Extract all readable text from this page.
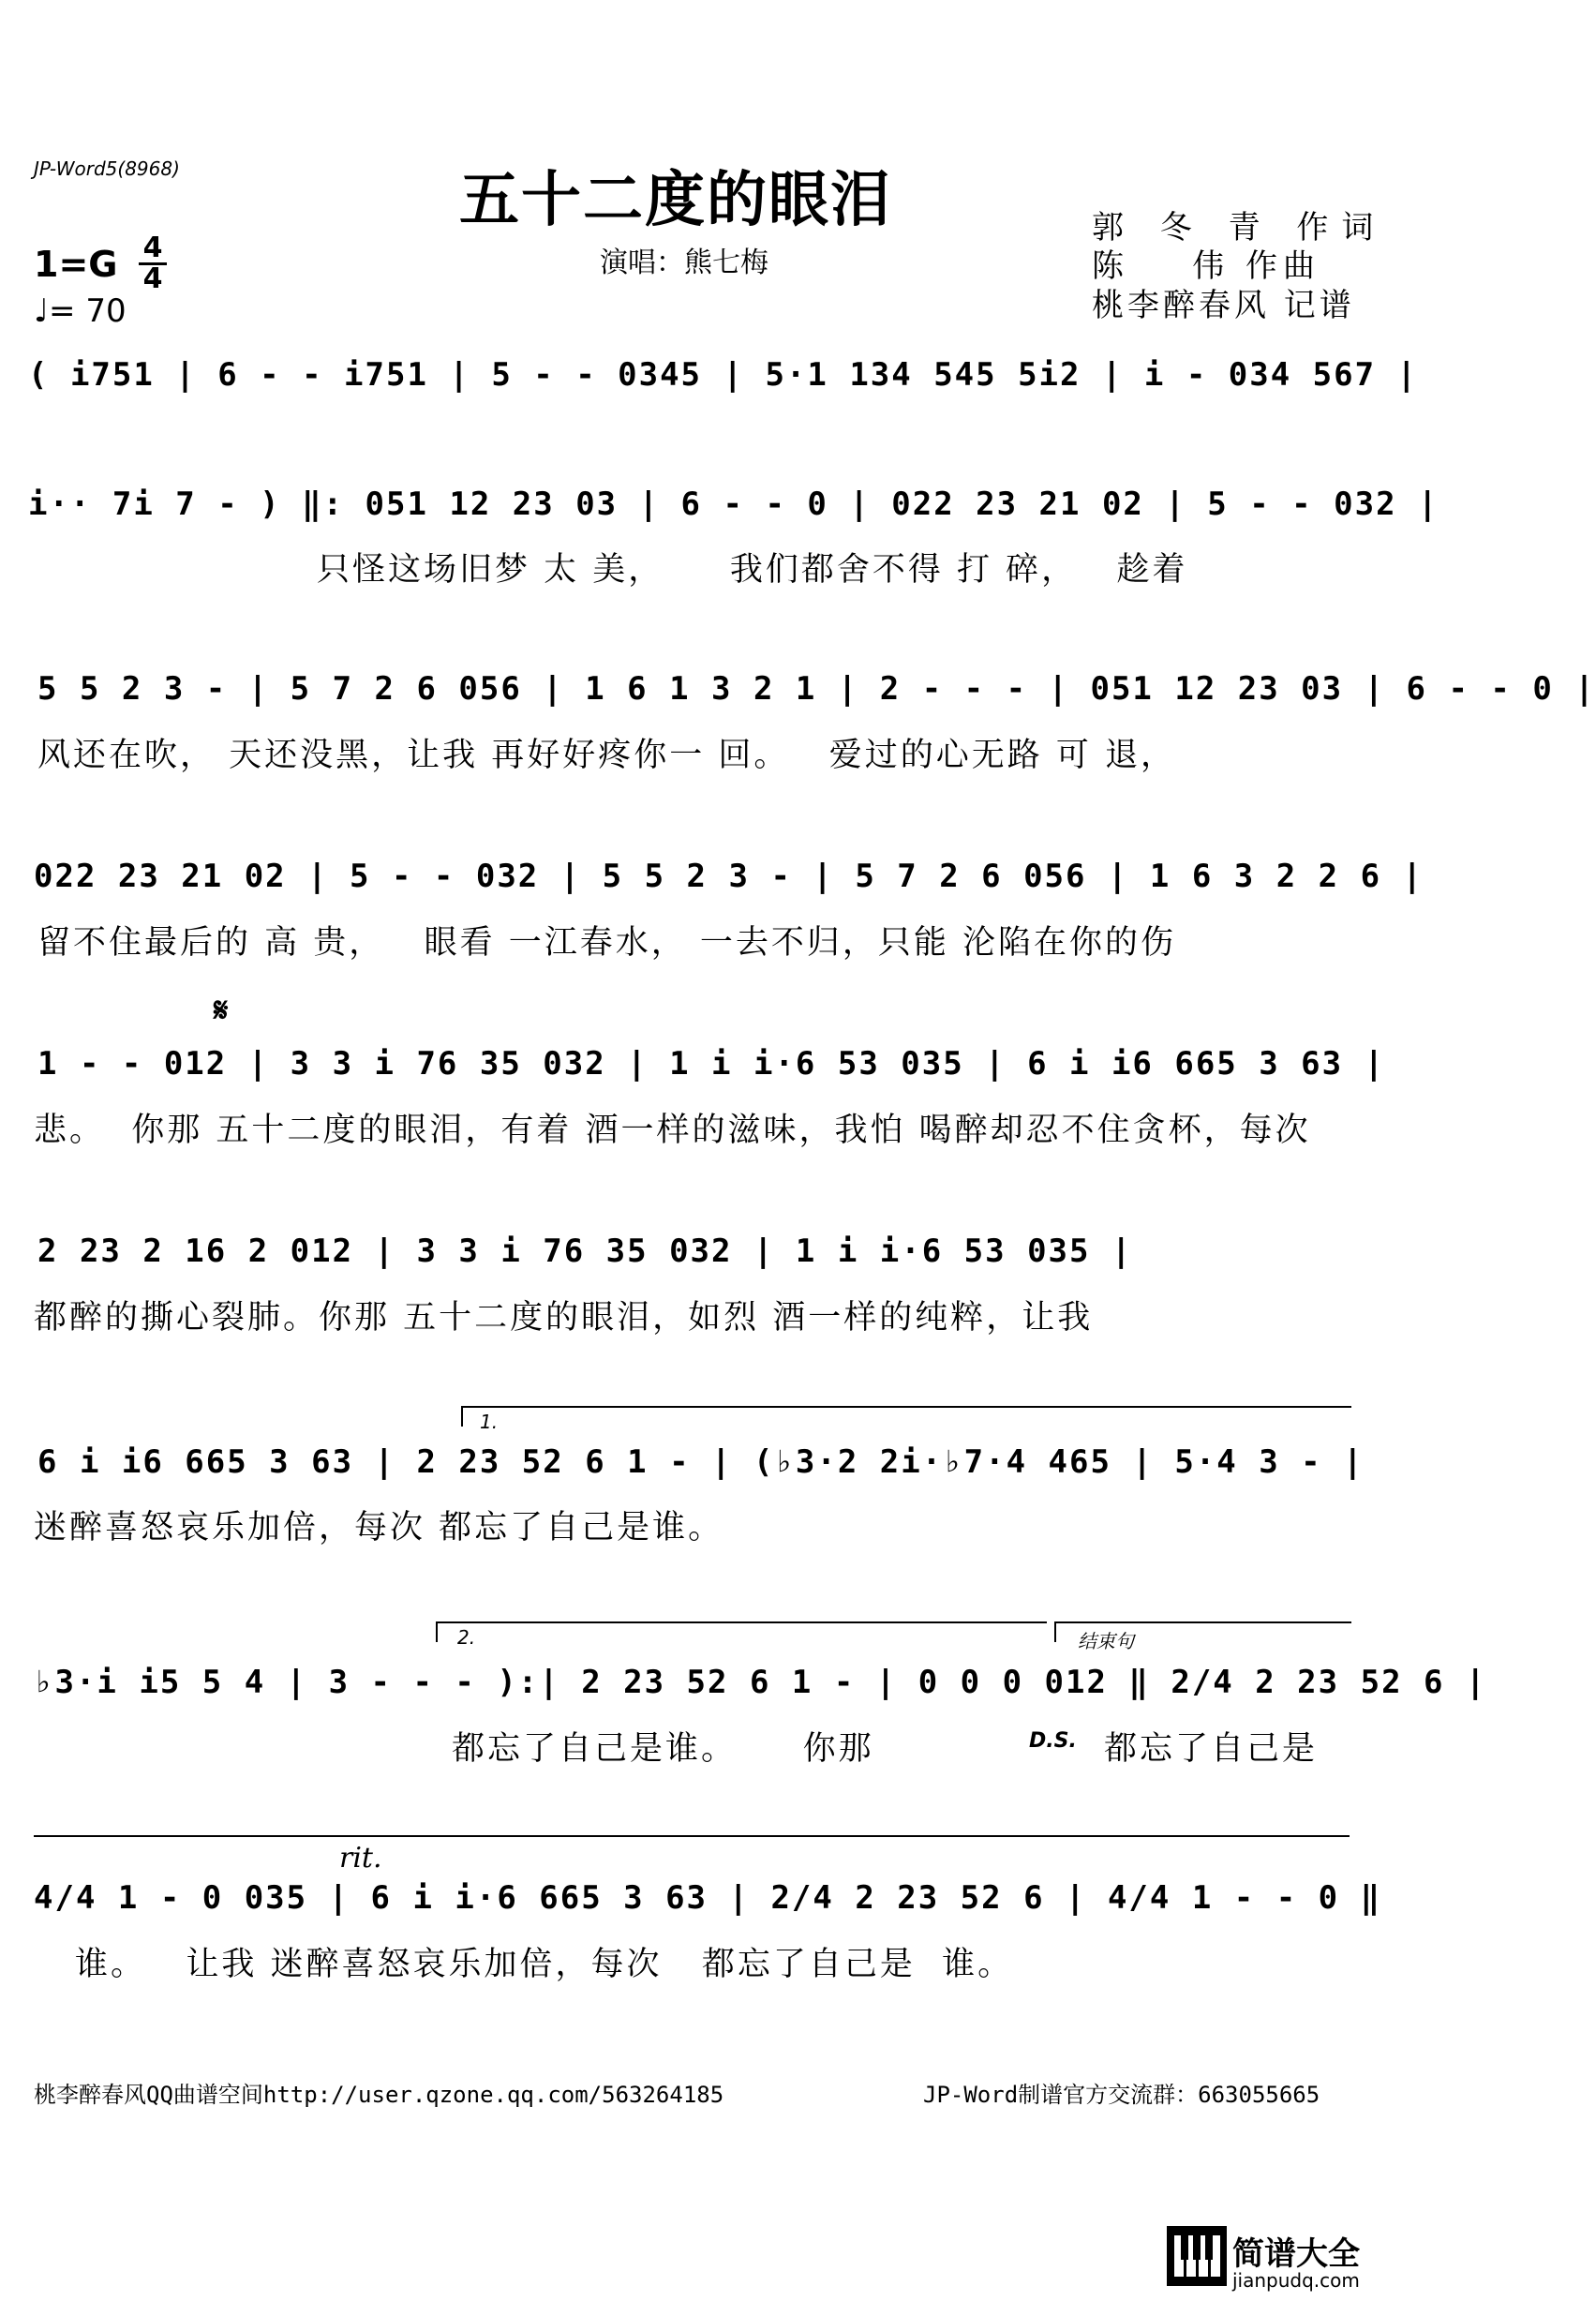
JP-Word5(8968)	五十二度的眼泪
演唱：熊七梅
郭 冬 青 作词
陈    伟 作曲
桃李醉春风 记谱
1=G 4
4
♩= 70
( i751 | 6 - - i751 | 5 - - 0345 | 5·1 134 545 5i2 | i - 034 567 |
i·· 7i 7 - ) ‖: 051 12 23 03 | 6 - - 0 | 022 23 21 02 | 5 - - 032 |
只怪这场旧梦 太 美，     我们都舍不得 打 碎，   趁着
5 5 2 3 - | 5 7 2 6 056 | 1 6 1 3 2 1 | 2 - - - | 051 12 23 03 | 6 - - 0 |
风还在吹， 天还没黑，让我 再好好疼你一 回。   爱过的心无路 可 退，
022 23 21 02 | 5 - - 032 | 5 5 2 3 - | 5 7 2 6 056 | 1 6 3 2 2 6 |
留不住最后的 高 贵，   眼看 一江春水， 一去不归，只能 沦陷在你的伤
𝄋
1 - - 012 | 3 3 i 76 35 032 | 1 i i·6 53 035 | 6 i i6 665 3 63 |
悲。  你那 五十二度的眼泪，有着 酒一样的滋味，我怕 喝醉却忍不住贪杯，每次
2 23 2 16 2 012 | 3 3 i 76 35 032 | 1 i i·6 53 035 |
都醉的撕心裂肺。你那 五十二度的眼泪，如烈 酒一样的纯粹，让我
1.
6 i i6 665 3 63 | 2 23 52 6 1 - | (♭3·2 2i·♭7·4 465 | 5·4 3 - |
迷醉喜怒哀乐加倍，每次 都忘了自己是谁。
2.	结束句
♭3·i i5 5 4 | 3 - - - ):| 2 23 52 6 1 - | 0 0 0 012 ‖ 2/4 2 23 52 6 |
都忘了自己是谁。     你那	D.S. 都忘了自己是
rit.
4/4 1 - 0 035 | 6 i i·6 665 3 63 | 2/4 2 23 52 6 | 4/4 1 - - 0 ‖
谁。   让我 迷醉喜怒哀乐加倍，每次   都忘了自己是  谁。
桃李醉春风QQ曲谱空间http://user.qzone.qq.com/563264185	JP-Word制谱官方交流群：663055665
简谱大全
jianpudq.com
